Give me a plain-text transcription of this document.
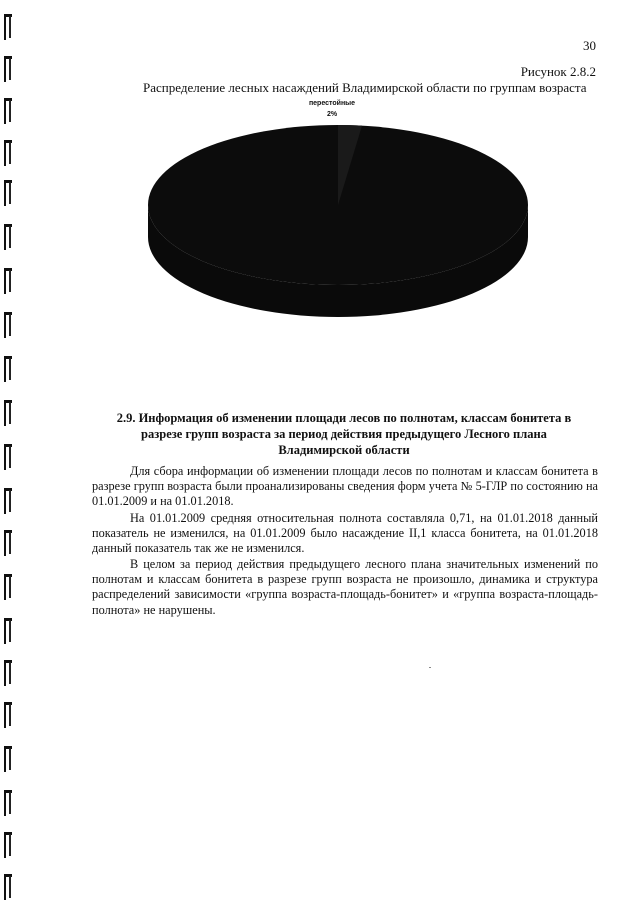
30
Рисунок 2.8.2
Распределение лесных насаждений Владимирской области по группам возраста
перестойные
2%
2.9. Информация об изменении площади лесов по полнотам, классам бонитета в
разрезе групп возраста за период действия предыдущего Лесного плана
Владимирской области
Для сбора информации об изменении площади лесов по полнотам и классам бонитета в разрезе групп возраста были проанализированы сведения форм учета № 5-ГЛР по состоянию на 01.01.2009 и на 01.01.2018.
На 01.01.2009 средняя относительная полнота составляла 0,71, на 01.01.2018 данный показатель не изменился, на 01.01.2009 было насаждение II,1 класса бонитета, на 01.01.2018 данный показатель так же не изменился.
В целом за период действия предыдущего лесного плана значительных изменений по полнотам и классам бонитета в разрезе групп возраста не произошло, динамика и структура распределений зависимости «группа возраста-площадь-бонитет» и «группа возраста-площадь-полнота» не нарушены.
